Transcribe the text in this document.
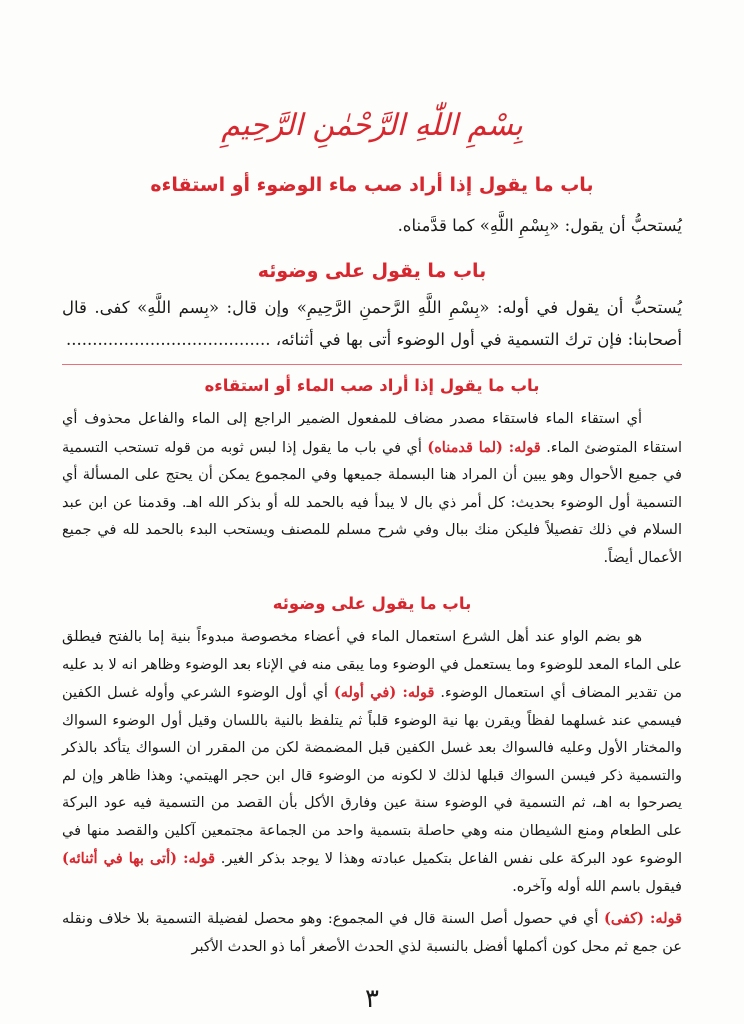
بِسْمِ اللّٰهِ الرَّحْمٰنِ الرَّحِيمِ
باب ما يقول إذا أراد صب ماء الوضوء أو استقاءه

يُستحبُّ أن يقول: «بِسْمِ اللَّهِ» كما قدَّمناه.

باب ما يقول على وضوئه

يُستحبُّ أن يقول في أوله: «بِسْمِ اللَّهِ الرَّحمنِ الرَّحِيمِ» وإن قال: «بِسم اللَّهِ» كفى. قال أصحابنا: فإن ترك التسمية في أول الوضوء أتى بها في أثنائه، .......................................

باب ما يقول إذا أراد صب الماء أو استقاءه

أي استقاء الماء فاستقاء مصدر مضاف للمفعول الضمير الراجع إلى الماء والفاعل محذوف أي استقاء المتوضئ الماء. قوله: (لما قدمناه) أي في باب ما يقول إذا لبس ثوبه من قوله تستحب التسمية في جميع الأحوال وهو يبين أن المراد هنا البسملة جميعها وفي المجموع يمكن أن يحتج على المسألة أي التسمية أول الوضوء بحديث: كل أمر ذي بال لا يبدأ فيه بالحمد لله أو بذكر الله اهـ. وقدمنا عن ابن عبد السلام في ذلك تفصيلاً فليكن منك ببال وفي شرح مسلم للمصنف ويستحب البدء بالحمد لله في جميع الأعمال أيضاً.

باب ما يقول على وضوئه

هو بضم الواو عند أهل الشرع استعمال الماء في أعضاء مخصوصة مبدوءاً بنية إما بالفتح فيطلق على الماء المعد للوضوء وما يستعمل في الوضوء وما يبقى منه في الإناء بعد الوضوء وظاهر انه لا بد عليه من تقدير المضاف أي استعمال الوضوء. قوله: (في أوله) أي أول الوضوء الشرعي وأوله غسل الكفين فيسمي عند غسلهما لفظاً ويقرن بها نية الوضوء قلباً ثم يتلفظ بالنية باللسان وقيل أول الوضوء السواك والمختار الأول وعليه فالسواك بعد غسل الكفين قبل المضمضة لكن من المقرر ان السواك يتأكد بالذكر والتسمية ذكر فيسن السواك قبلها لذلك لا لكونه من الوضوء قال ابن حجر الهيتمي: وهذا ظاهر وإن لم يصرحوا به اهـ، ثم التسمية في الوضوء سنة عين وفارق الأكل بأن القصد من التسمية فيه عود البركة على الطعام ومنع الشيطان منه وهي حاصلة بتسمية واحد من الجماعة مجتمعين آكلين والقصد منها في الوضوء عود البركة على نفس الفاعل بتكميل عبادته وهذا لا يوجد بذكر الغير. قوله: (أتى بها في أثنائه) فيقول باسم الله أوله وآخره.

قوله: (كفى) أي في حصول أصل السنة قال في المجموع: وهو محصل لفضيلة التسمية بلا خلاف ونقله عن جمع ثم محل كون أكملها أفضل بالنسبة لذي الحدث الأصغر أما ذو الحدث الأكبر

٣
